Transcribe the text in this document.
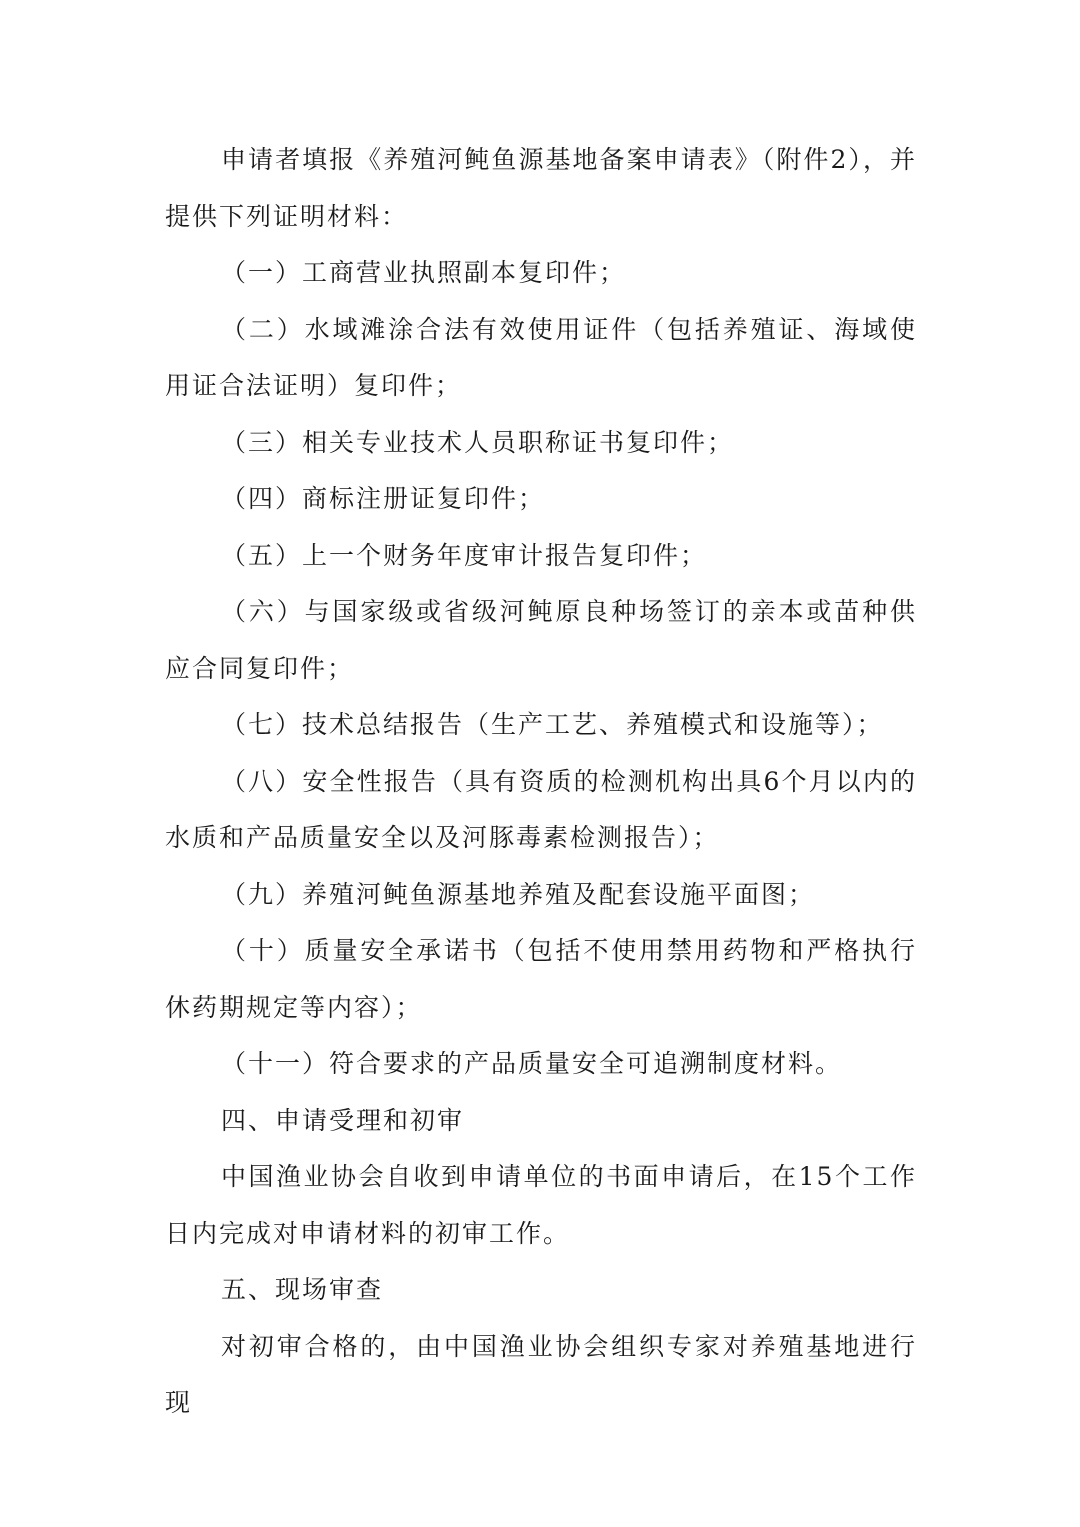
申请者填报《养殖河鲀鱼源基地备案申请表》（附件2），并提供下列证明材料：

（一）工商营业执照副本复印件；

（二）水域滩涂合法有效使用证件（包括养殖证、海域使用证合法证明）复印件；

（三）相关专业技术人员职称证书复印件；

（四）商标注册证复印件；

（五）上一个财务年度审计报告复印件；

（六）与国家级或省级河鲀原良种场签订的亲本或苗种供应合同复印件；

（七）技术总结报告（生产工艺、养殖模式和设施等）；

（八）安全性报告（具有资质的检测机构出具6个月以内的水质和产品质量安全以及河豚毒素检测报告）；

（九）养殖河鲀鱼源基地养殖及配套设施平面图；

（十）质量安全承诺书（包括不使用禁用药物和严格执行休药期规定等内容）；

（十一）符合要求的产品质量安全可追溯制度材料。

四、申请受理和初审

中国渔业协会自收到申请单位的书面申请后，在15个工作日内完成对申请材料的初审工作。

五、现场审查

对初审合格的，由中国渔业协会组织专家对养殖基地进行现
